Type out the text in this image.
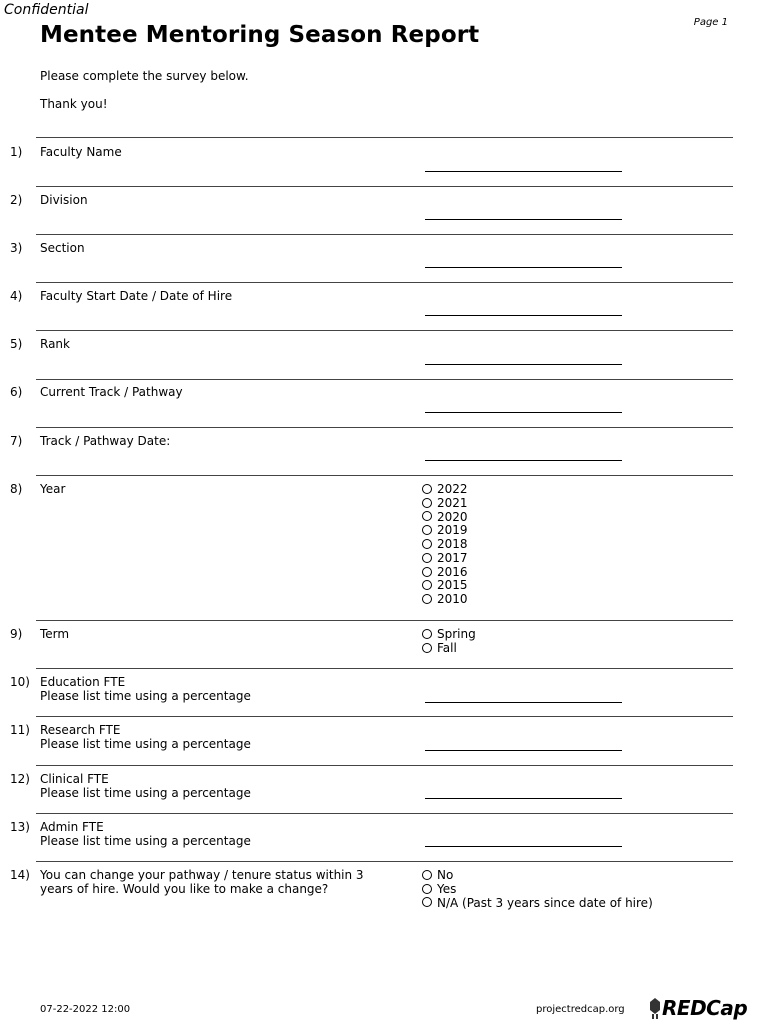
Confidential
Page 1
Mentee Mentoring Season Report
Please complete the survey below.
Thank you!
1) Faculty Name
2) Division
3) Section
4) Faculty Start Date / Date of Hire
5) Rank
6) Current Track / Pathway
7) Track / Pathway Date:
8) Year	2022
2021
2020
2019
2018
2017
2016
2015
2010
9) Term	Spring
Fall
10) Education FTE
Please list time using a percentage
11) Research FTE
Please list time using a percentage
12) Clinical FTE
Please list time using a percentage
13) Admin FTE
Please list time using a percentage
14) You can change your pathway / tenure status within 3
years of hire. Would you like to make a change?
No
Yes
N/A (Past 3 years since date of hire)
07-22-2022 12:00	projectredcap.org REDCap
